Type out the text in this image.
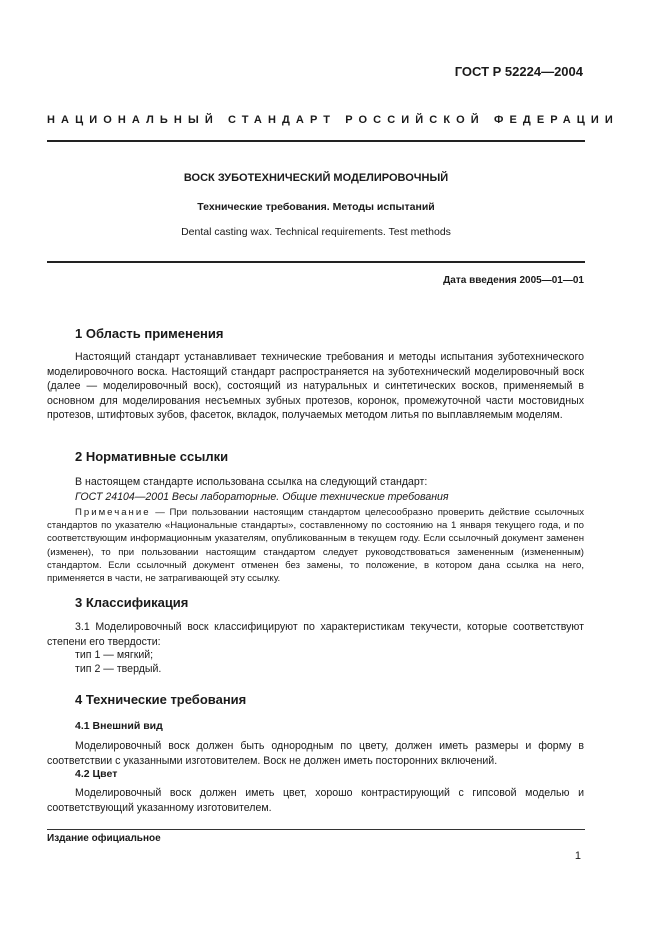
ГОСТ Р 52224—2004
НАЦИОНАЛЬНЫЙ СТАНДАРТ РОССИЙСКОЙ ФЕДЕРАЦИИ
ВОСК ЗУБОТЕХНИЧЕСКИЙ МОДЕЛИРОВОЧНЫЙ
Технические требования. Методы испытаний
Dental casting wax. Technical requirements. Test methods
Дата введения 2005—01—01
1 Область применения

Настоящий стандарт устанавливает технические требования и методы испытания зуботехнического моделировочного воска. Настоящий стандарт распространяется на зуботехнический моделировочный воск (далее — моделировочный воск), состоящий из натуральных и синтетических восков, применяемый в основном для моделирования несъемных зубных протезов, коронок, промежуточной части мостовидных протезов, штифтовых зубов, фасеток, вкладок, получаемых методом литья по выплавляемым моделям.

2 Нормативные ссылки
В настоящем стандарте использована ссылка на следующий стандарт:
ГОСТ 24104—2001 Весы лабораторные. Общие технические требования

Примечание — При пользовании настоящим стандартом целесообразно проверить действие ссылочных стандартов по указателю «Национальные стандарты», составленному по состоянию на 1 января текущего года, и по соответствующим информационным указателям, опубликованным в текущем году. Если ссылочный документ заменен (изменен), то при пользовании настоящим стандартом следует руководствоваться замененным (измененным) стандартом. Если ссылочный документ отменен без замены, то положение, в котором дана ссылка на него, применяется в части, не затрагивающей эту ссылку.

3 Классификация

3.1 Моделировочный воск классифицируют по характеристикам текучести, которые соответствуют степени его твердости:

тип 1 — мягкий;
тип 2 — твердый.
4 Технические требования
4.1 Внешний вид

Моделировочный воск должен быть однородным по цвету, должен иметь размеры и форму в соответствии с указанными изготовителем. Воск не должен иметь посторонних включений.

4.2 Цвет

Моделировочный воск должен иметь цвет, хорошо контрастирующий с гипсовой моделью и соответствующий указанному изготовителем.

Издание официальное
1
